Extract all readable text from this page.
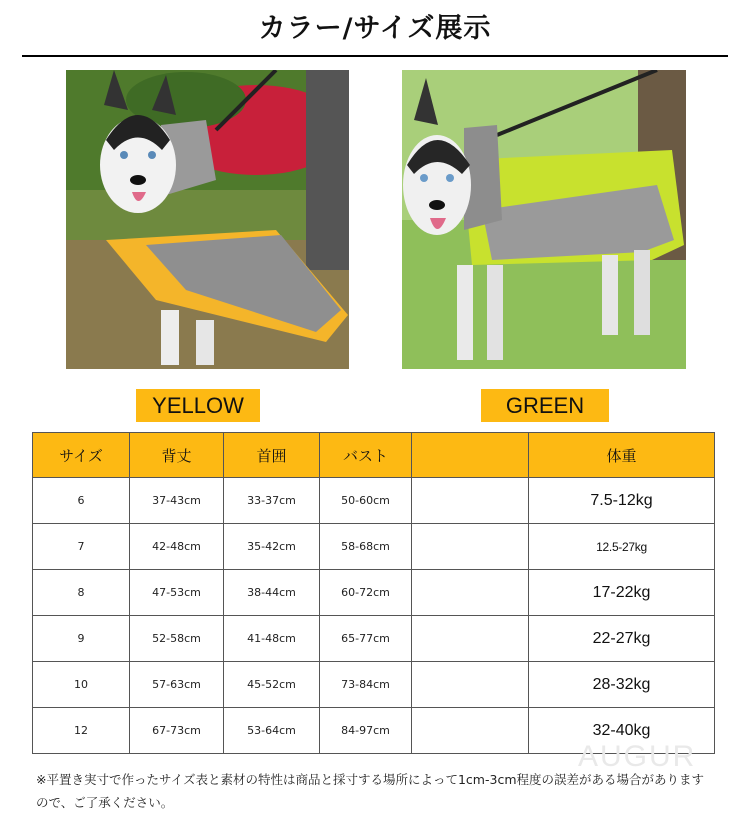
カラー/サイズ展示
YELLOW	GREEN
サイズ	背丈	首囲	バスト		体重
6	37-43cm	33-37cm	50-60cm		7.5-12kg
7	42-48cm	35-42cm	58-68cm		12.5-27kg
8	47-53cm	38-44cm	60-72cm		17-22kg
9	52-58cm	41-48cm	65-77cm		22-27kg
10	57-63cm	45-52cm	73-84cm		28-32kg
12	67-73cm	53-64cm	84-97cm		32-40kg
AUGUR
※平置き実寸で作ったサイズ表と素材の特性は商品と採寸する場所によって1cm-3cm程度の誤差がある場合がありますので、ご了承ください。
